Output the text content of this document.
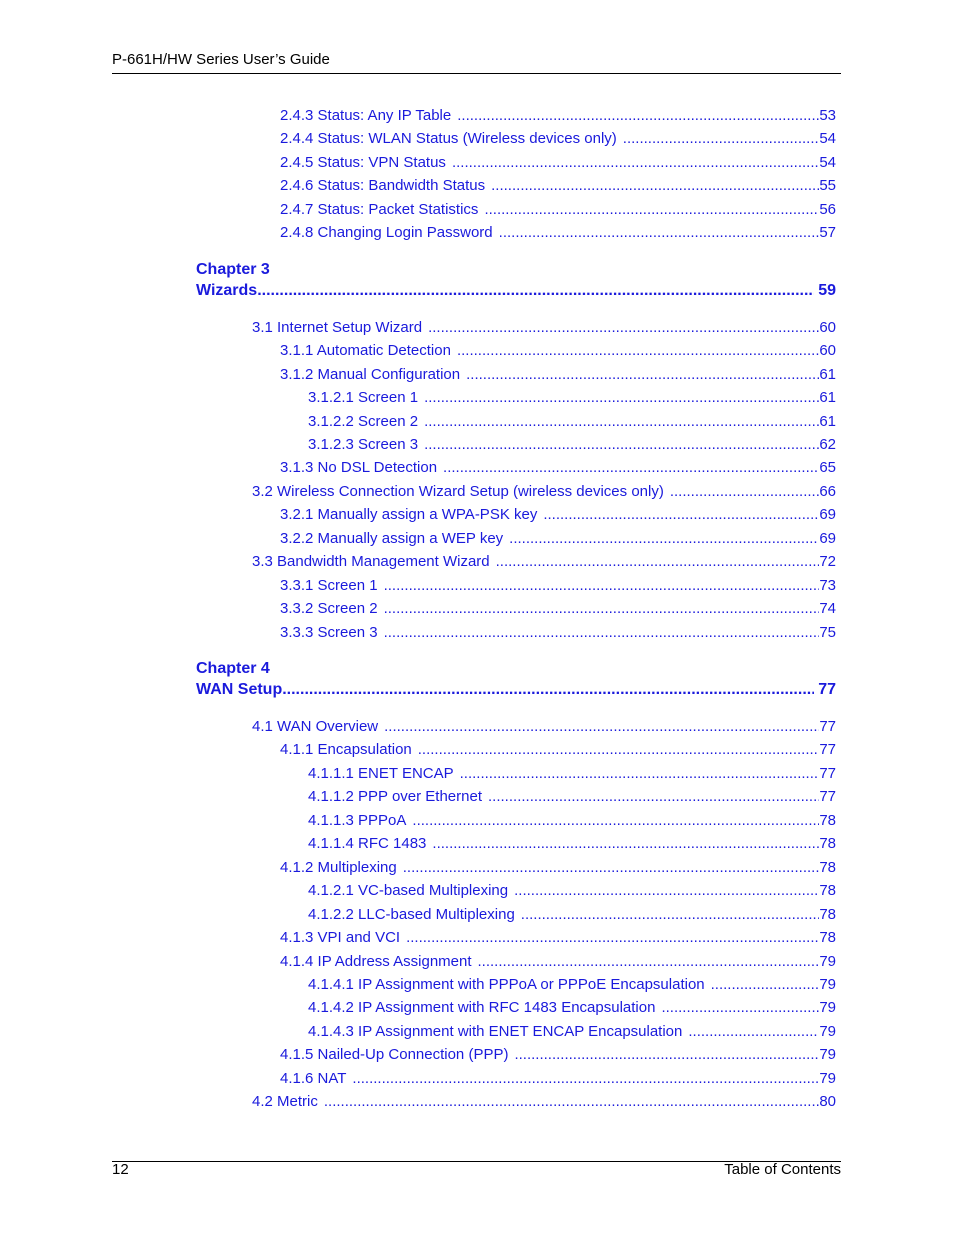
P-661H/HW Series User’s Guide
2.4.3 Status: Any IP Table .....	53
2.4.4 Status: WLAN Status (Wireless devices only) .....	54
2.4.5 Status: VPN Status .....	54
2.4.6 Status: Bandwidth Status .....	55
2.4.7 Status: Packet Statistics .....	56
2.4.8 Changing Login Password .....	57
Chapter 3
Wizards .....	59
3.1 Internet Setup Wizard .....	60
3.1.1 Automatic Detection .....	60
3.1.2 Manual Configuration .....	61
3.1.2.1 Screen 1 .....	61
3.1.2.2 Screen 2 .....	61
3.1.2.3 Screen 3 .....	62
3.1.3 No DSL Detection .....	65
3.2 Wireless Connection Wizard Setup (wireless devices only) .....	66
3.2.1 Manually assign a WPA-PSK key .....	69
3.2.2 Manually assign a WEP key .....	69
3.3 Bandwidth Management Wizard .....	72
3.3.1 Screen 1 .....	73
3.3.2 Screen 2 .....	74
3.3.3 Screen 3 .....	75
Chapter 4
WAN Setup .....	77
4.1 WAN Overview .....	77
4.1.1 Encapsulation .....	77
4.1.1.1 ENET ENCAP .....	77
4.1.1.2 PPP over Ethernet .....	77
4.1.1.3 PPPoA .....	78
4.1.1.4 RFC 1483 .....	78
4.1.2 Multiplexing .....	78
4.1.2.1 VC-based Multiplexing .....	78
4.1.2.2 LLC-based Multiplexing .....	78
4.1.3 VPI and VCI .....	78
4.1.4 IP Address Assignment .....	79
4.1.4.1 IP Assignment with PPPoA or PPPoE Encapsulation .....	79
4.1.4.2 IP Assignment with RFC 1483 Encapsulation .....	79
4.1.4.3 IP Assignment with ENET ENCAP Encapsulation .....	79
4.1.5 Nailed-Up Connection (PPP) .....	79
4.1.6 NAT .....	79
4.2 Metric .....	80
12	Table of Contents
